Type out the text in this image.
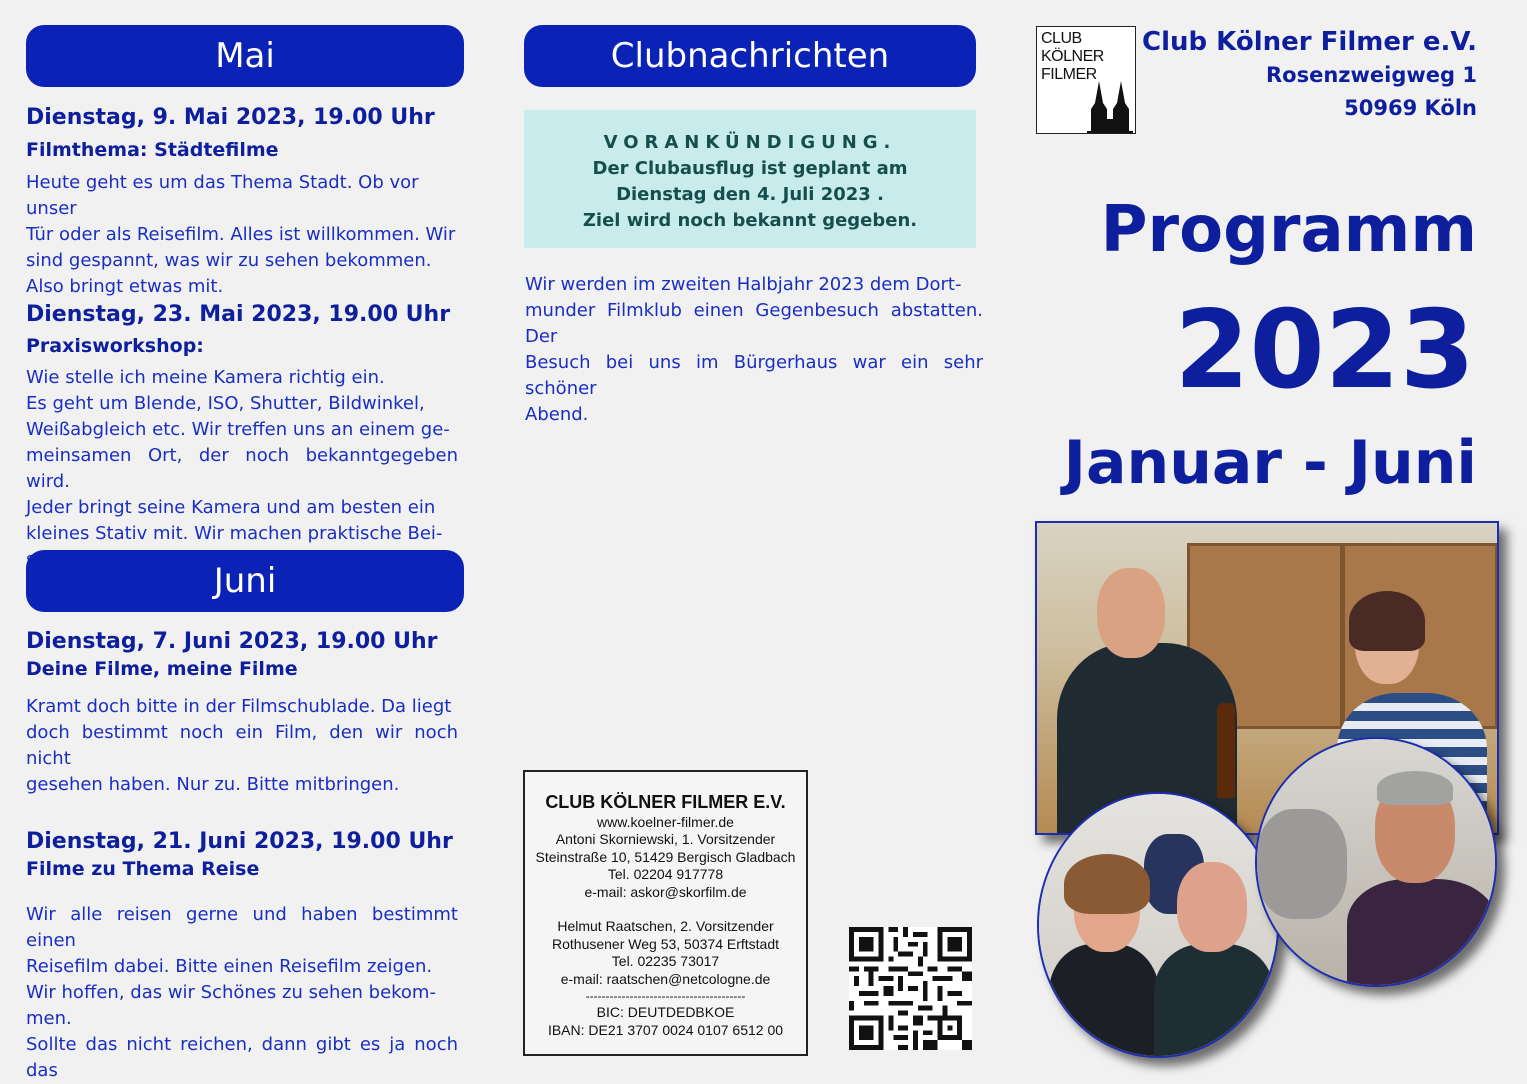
Mai
Dienstag, 9. Mai 2023, 19.00 Uhr
Filmthema: Städtefilme

Heute geht es um das Thema Stadt. Ob vor unser

Tür oder als Reisefilm. Alles ist willkommen. Wir

sind gespannt, was wir zu sehen bekommen.

Also bringt etwas mit.

Dienstag, 23. Mai 2023, 19.00 Uhr
Praxisworkshop:

Wie stelle ich meine Kamera richtig ein.

Es geht um Blende, ISO, Shutter, Bildwinkel,

Weißabgleich etc. Wir treffen uns an einem ge-

meinsamen Ort, der noch bekanntgegeben wird.

Jeder bringt seine Kamera und am besten ein

kleines Stativ mit. Wir machen praktische Bei-

Juni
Dienstag, 7. Juni 2023, 19.00 Uhr
Deine Filme, meine Filme

Kramt doch bitte in der Filmschublade. Da liegt

doch bestimmt noch ein Film, den wir noch nicht

gesehen haben. Nur zu. Bitte mitbringen.

Dienstag, 21. Juni 2023, 19.00 Uhr
Filme zu Thema Reise

Wir alle reisen gerne und haben bestimmt einen

Reisefilm dabei. Bitte einen Reisefilm zeigen.

Wir hoffen, das wir Schönes zu sehen bekom-

men.

Sollte das nicht reichen, dann gibt es ja noch das

Clubnachrichten
VORANKÜNDIGUNG.
Der Clubausflug ist geplant am
Dienstag den 4. Juli 2023 .
Ziel wird noch bekannt gegeben.

Wir werden im zweiten Halbjahr 2023 dem Dort-

munder Filmklub einen Gegenbesuch abstatten. Der

Besuch bei uns im Bürgerhaus war ein sehr schöner

Abend.

CLUB KÖLNER FILMER E.V.
www.koelner-filmer.de
Antoni Skorniewski, 1. Vorsitzender
Steinstraße 10, 51429 Bergisch Gladbach
Tel. 02204 917778
e-mail: askor@skorfilm.de
Helmut Raatschen, 2. Vorsitzender
Rothusener Weg 53, 50374 Erftstadt
Tel. 02235 73017
e-mail: raatschen@netcologne.de
----------------------------------------
BIC: DEUTDEDBKOE
IBAN: DE21 3707 0024 0107 6512 00
CLUB
KÖLNER
FILMER
Club Kölner Filmer e.V.
Rosenzweigweg 1
50969 Köln
Programm
2023
Januar - Juni
